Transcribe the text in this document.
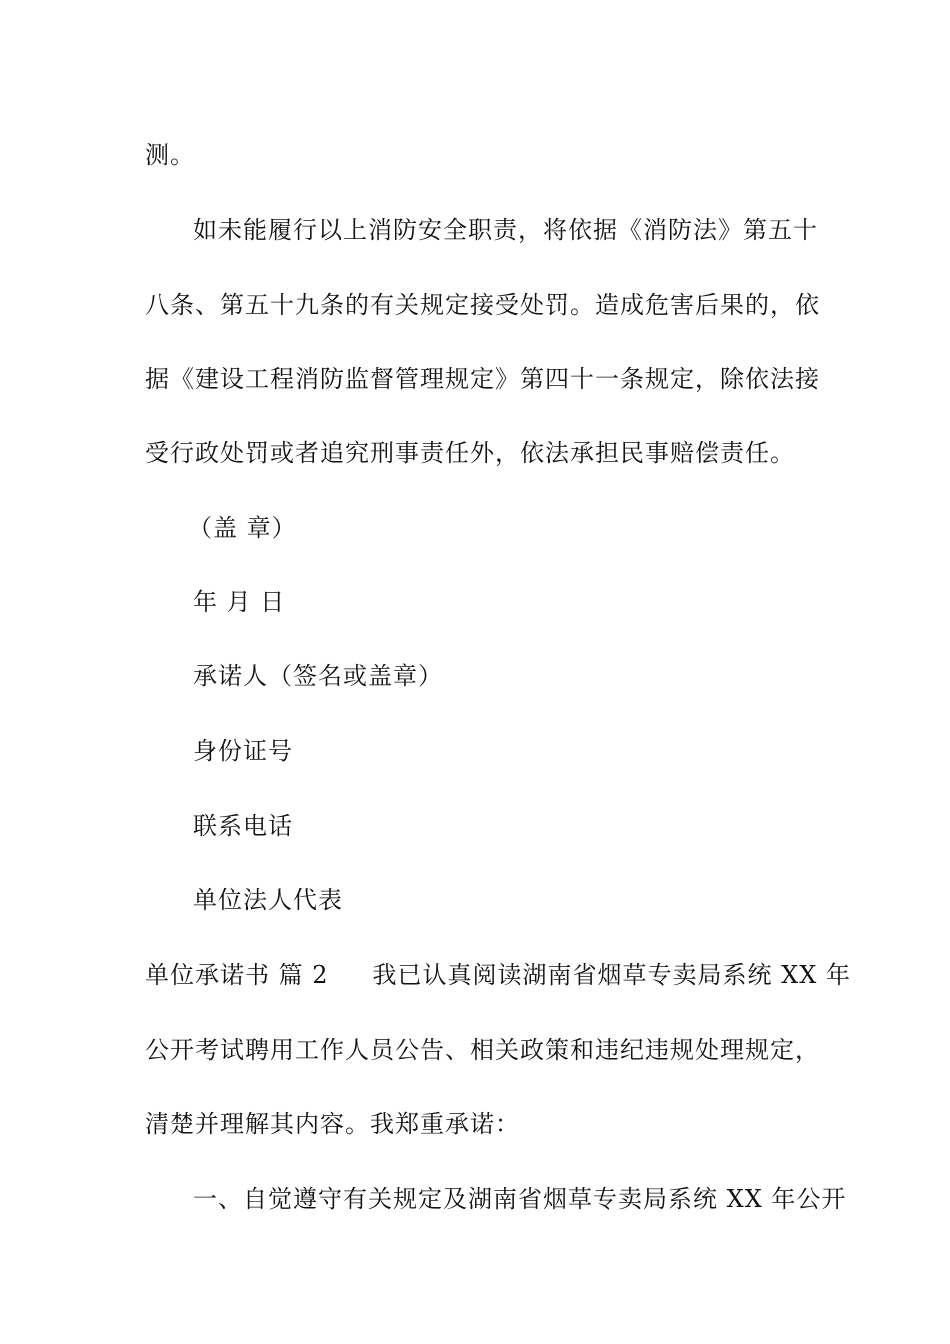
测。
如未能履行以上消防安全职责，将依据《消防法》第五十
八条、第五十九条的有关规定接受处罚。造成危害后果的，依
据《建设工程消防监督管理规定》第四十一条规定，除依法接
受行政处罚或者追究刑事责任外，依法承担民事赔偿责任。
（盖 章）
年 月 日
承诺人（签名或盖章）
身份证号
联系电话
单位法人代表
单位承诺书 篇 2 我已认真阅读湖南省烟草专卖局系统 XX 年
公开考试聘用工作人员公告、相关政策和违纪违规处理规定，
清楚并理解其内容。我郑重承诺：
一、自觉遵守有关规定及湖南省烟草专卖局系统 XX 年公开
